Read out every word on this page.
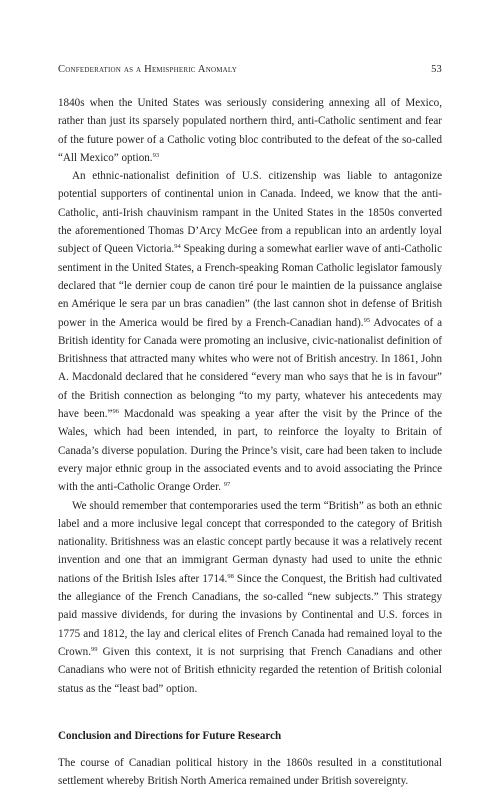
Confederation as a Hemispheric Anomaly	53

1840s when the United States was seriously considering annexing all of Mexico, rather than just its sparsely populated northern third, anti-Catholic sentiment and fear of the future power of a Catholic voting bloc contributed to the defeat of the so-called “All Mexico” option.$^{93}$

An ethnic-nationalist definition of U.S. citizenship was liable to antagonize potential supporters of continental union in Canada. Indeed, we know that the anti-Catholic, anti-Irish chauvinism rampant in the United States in the 1850s converted the aforementioned Thomas D’Arcy McGee from a republican into an ardently loyal subject of Queen Victoria.$^{94}$ Speaking during a somewhat earlier wave of anti-Catholic sentiment in the United States, a French-speaking Roman Catholic legislator famously declared that “le dernier coup de canon tiré pour le maintien de la puissance anglaise en Amérique le sera par un bras canadien” (the last cannon shot in defense of British power in the America would be fired by a French-Canadian hand).$^{95}$ Advocates of a British identity for Canada were promoting an inclusive, civic-nationalist definition of Britishness that attracted many whites who were not of British ancestry. In 1861, John A. Macdonald declared that he considered “every man who says that he is in favour” of the British connection as belonging “to my party, whatever his antecedents may have been.”$^{96}$ Macdonald was speaking a year after the visit by the Prince of the Wales, which had been intended, in part, to reinforce the loyalty to Britain of Canada’s diverse population. During the Prince’s visit, care had been taken to include every major ethnic group in the associated events and to avoid associating the Prince with the anti-Catholic Orange Order. $^{97}$

We should remember that contemporaries used the term “British” as both an ethnic label and a more inclusive legal concept that corresponded to the category of British nationality. Britishness was an elastic concept partly because it was a relatively recent invention and one that an immigrant German dynasty had used to unite the ethnic nations of the British Isles after 1714.98 Since the Conquest, the British had cultivated the allegiance of the French Canadians, the so-called “new subjects.” This strategy paid massive dividends, for during the invasions by Continental and U.S. forces in 1775 and 1812, the lay and clerical elites of French Canada had remained loyal to the Crown.$^{99}$ Given this context, it is not surprising that French Canadians and other Canadians who were not of British ethnicity regarded the retention of British colonial status as the “least bad” option.

Conclusion and Directions for Future Research

The course of Canadian political history in the 1860s resulted in a constitutional settlement whereby British North America remained under British sovereignty.
